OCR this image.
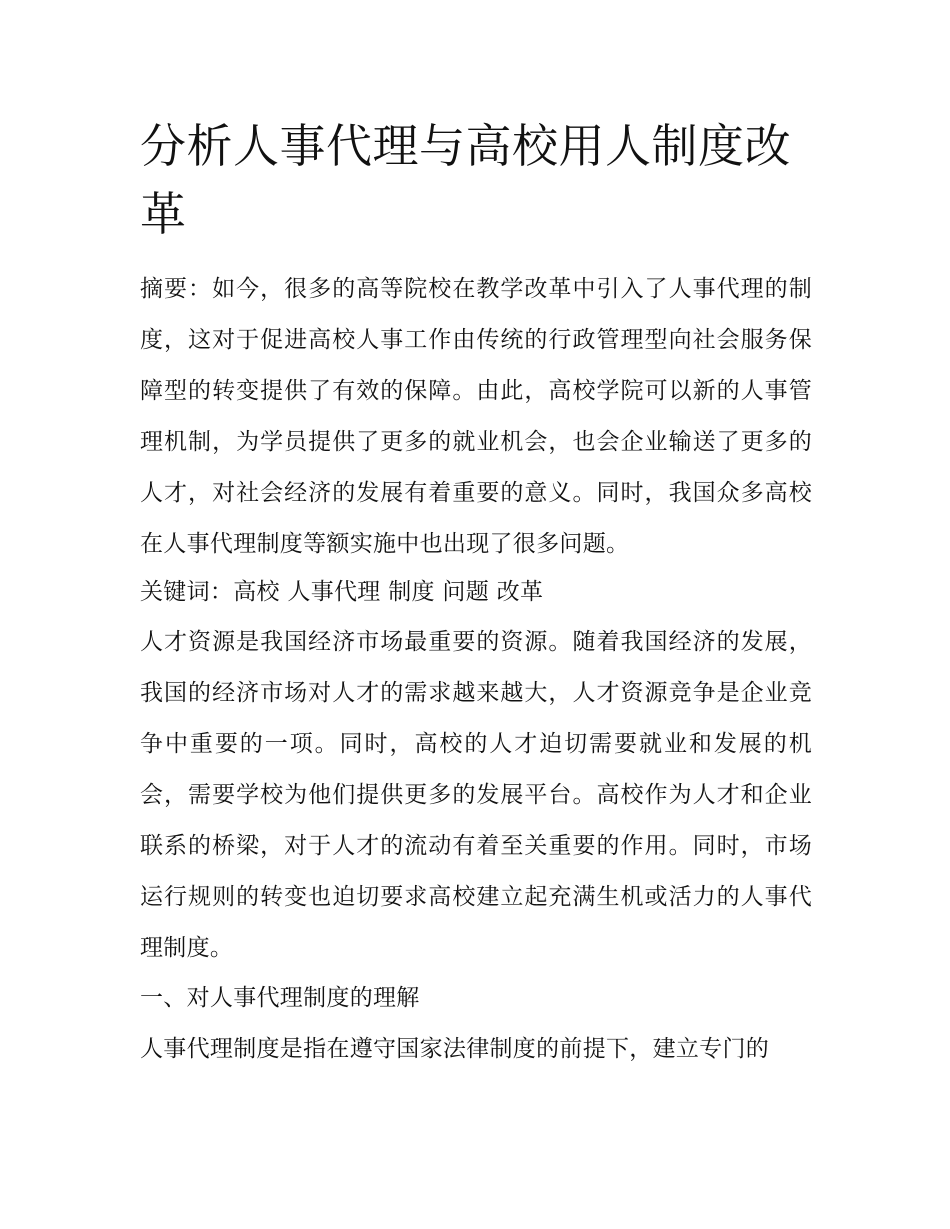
分析人事代理与高校用人制度改革

摘要：如今，很多的高等院校在教学改革中引入了人事代理的制度，这对于促进高校人事工作由传统的行政管理型向社会服务保障型的转变提供了有效的保障。由此，高校学院可以新的人事管理机制，为学员提供了更多的就业机会，也会企业输送了更多的人才，对社会经济的发展有着重要的意义。同时，我国众多高校在人事代理制度等额实施中也出现了很多问题。

关键词：高校 人事代理 制度 问题 改革

人才资源是我国经济市场最重要的资源。随着我国经济的发展，我国的经济市场对人才的需求越来越大，人才资源竞争是企业竞争中重要的一项。同时，高校的人才迫切需要就业和发展的机会，需要学校为他们提供更多的发展平台。高校作为人才和企业联系的桥梁，对于人才的流动有着至关重要的作用。同时，市场运行规则的转变也迫切要求高校建立起充满生机或活力的人事代理制度。

一、对人事代理制度的理解

人事代理制度是指在遵守国家法律制度的前提下，建立专门的
